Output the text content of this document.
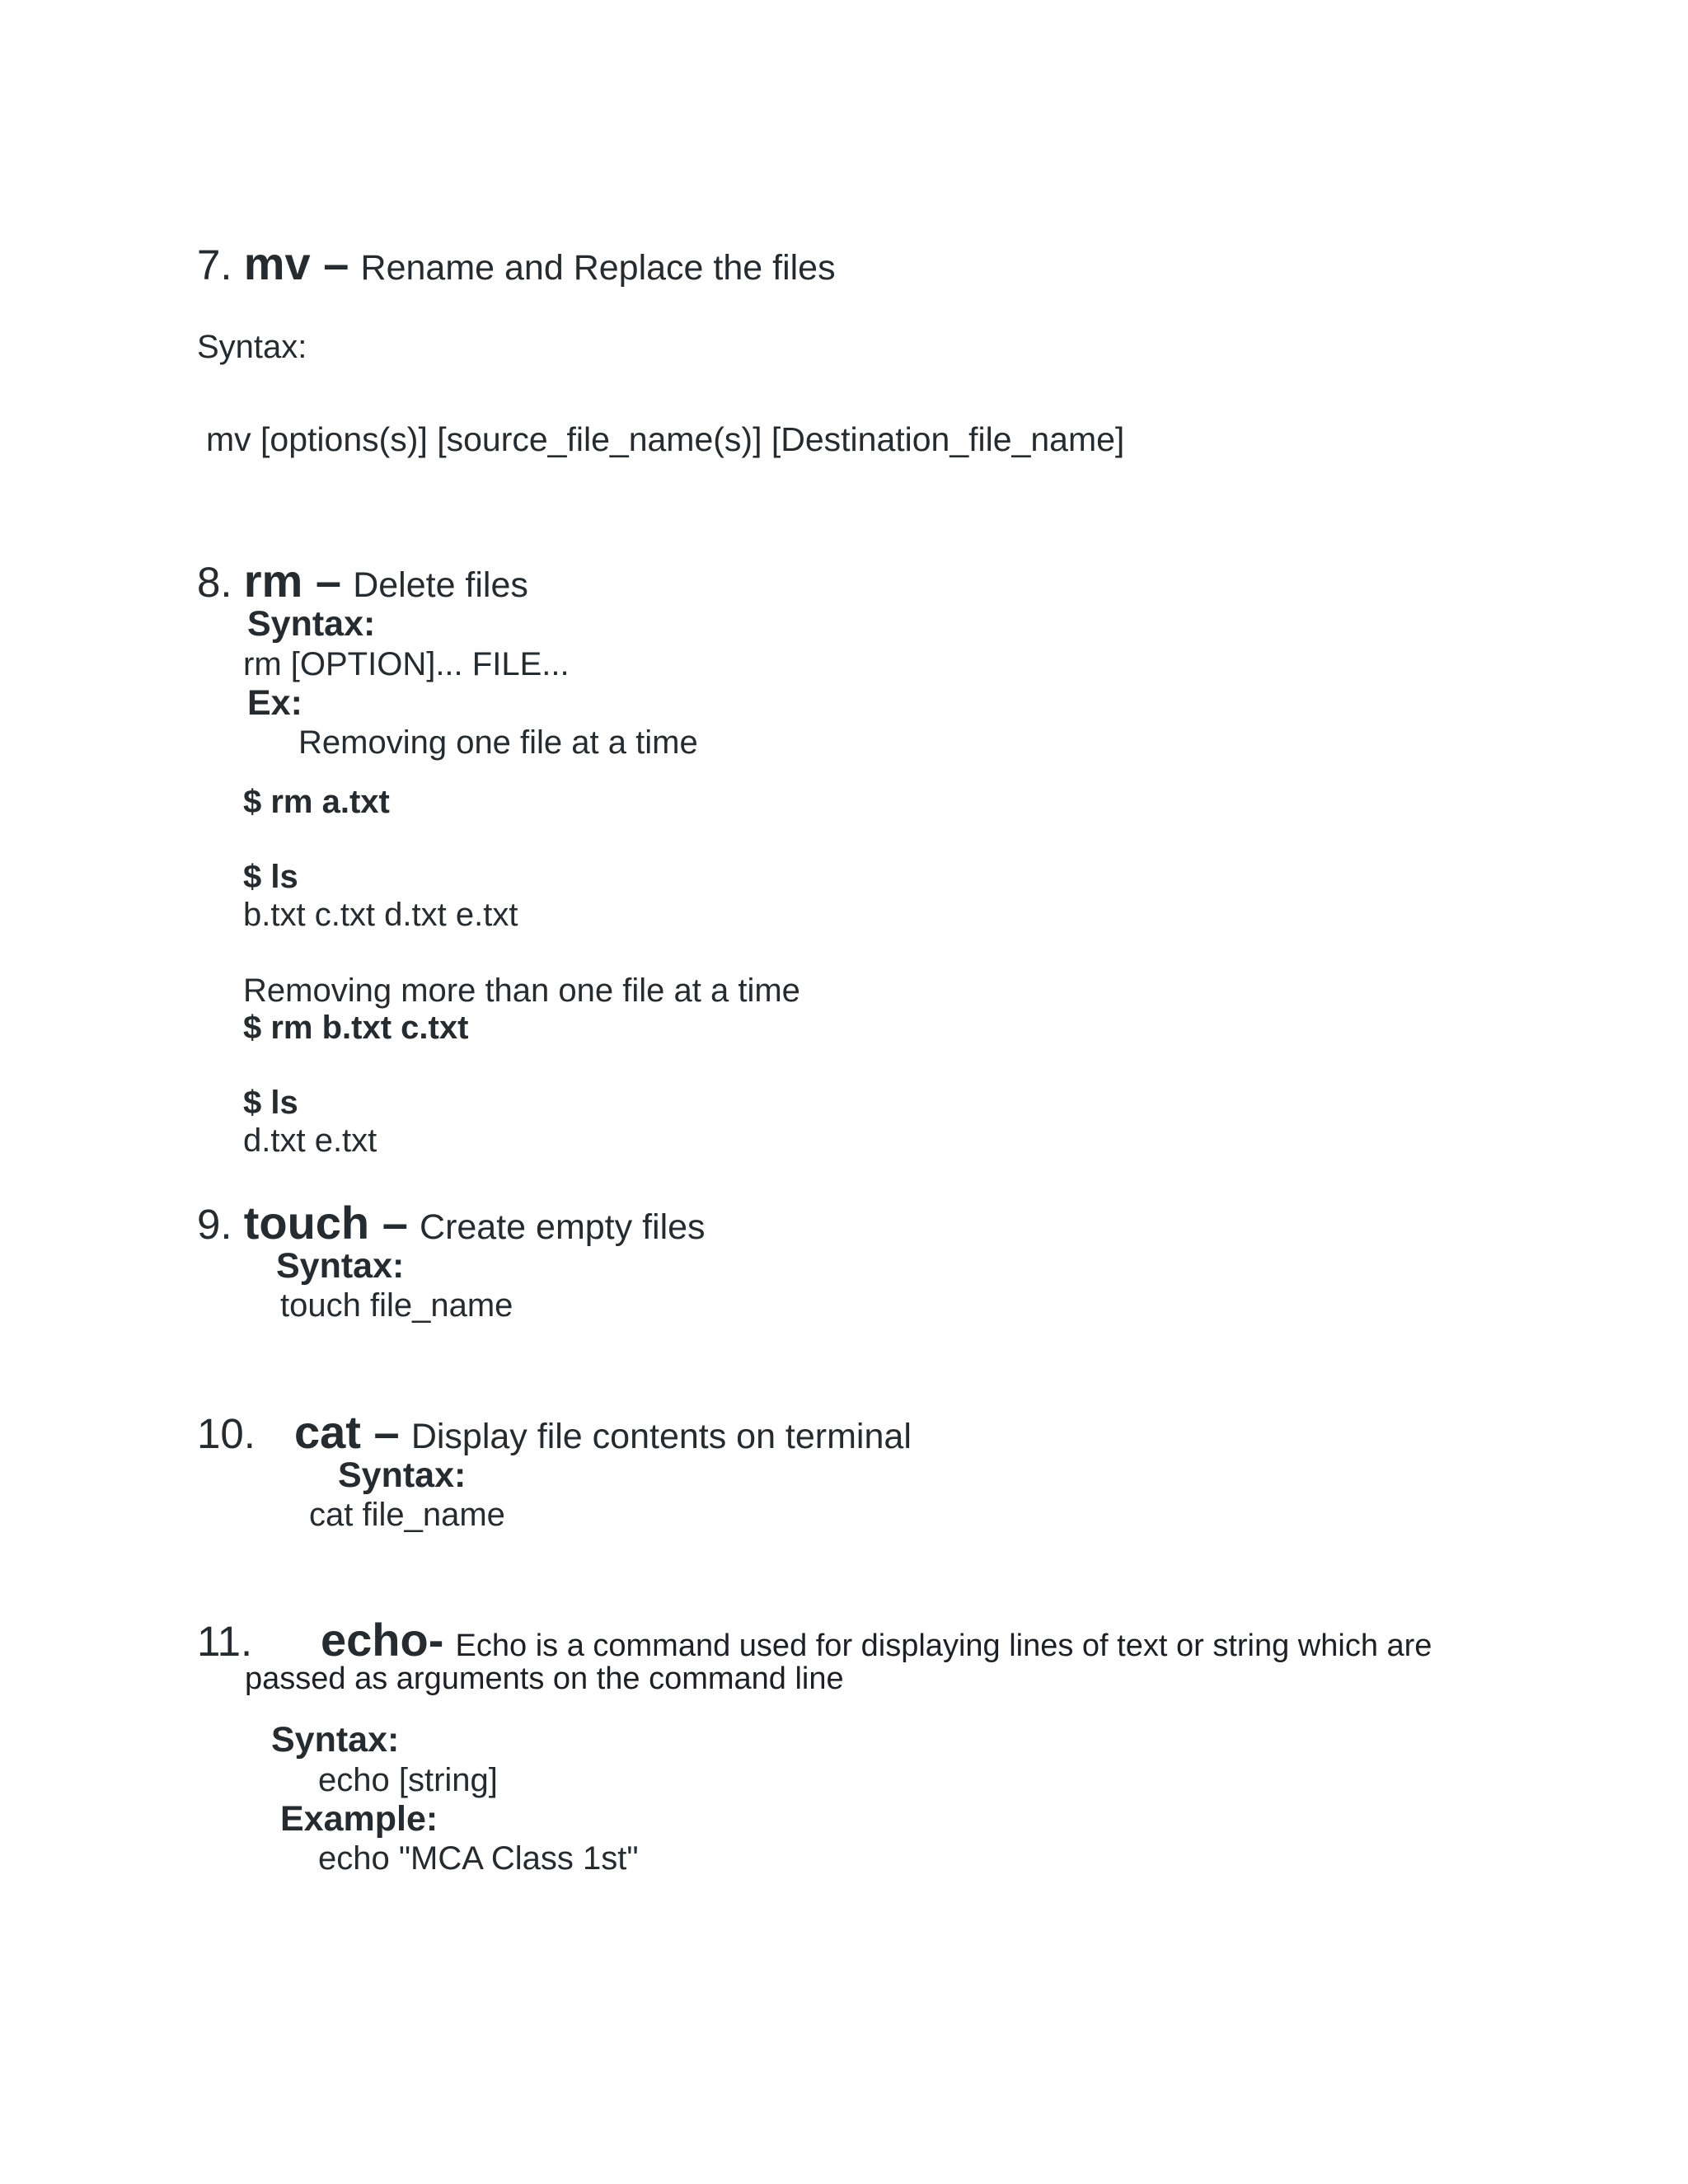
7. mv – Rename and Replace the files
Syntax:
mv [options(s)] [source_file_name(s)] [Destination_file_name]
8. rm – Delete files
Syntax:
rm [OPTION]... FILE...
Ex:
Removing one file at a time
$ rm a.txt
$ ls
b.txt c.txt d.txt e.txt
Removing more than one file at a time
$ rm b.txt c.txt
$ ls
d.txt e.txt
9. touch – Create empty files
Syntax:
touch file_name
10. cat – Display file contents on terminal
Syntax:
cat file_name
11. echo- Echo is a command used for displaying lines of text or string which are
passed as arguments on the command line
Syntax:
echo [string]
Example:
echo "MCA Class 1st"
